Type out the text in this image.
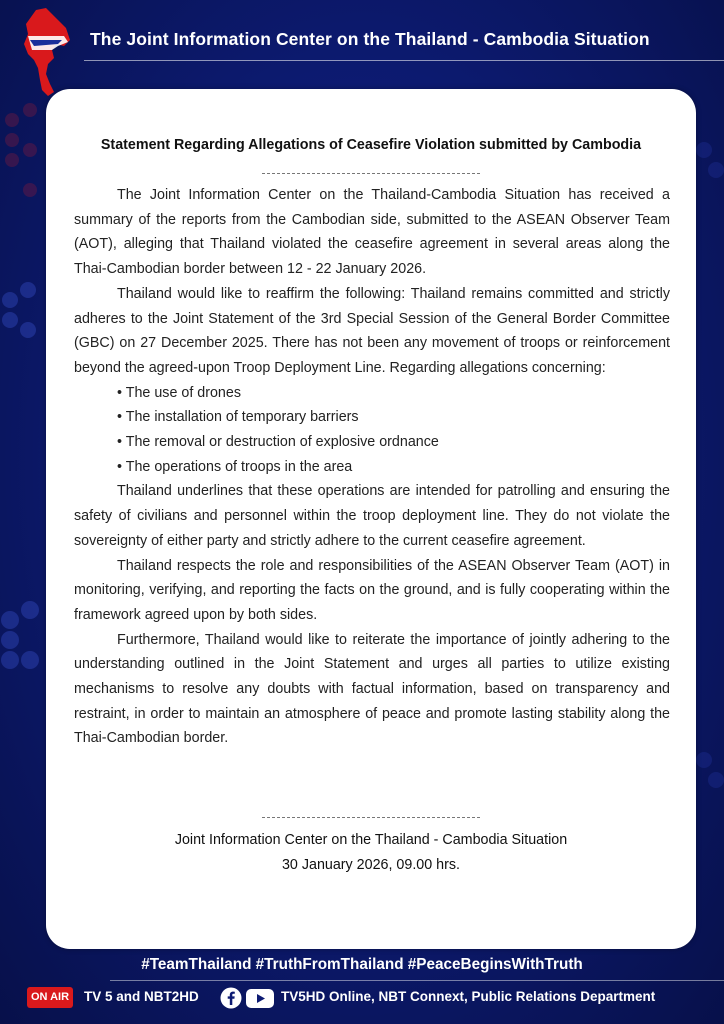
The Joint Information Center on the Thailand - Cambodia Situation
Statement Regarding Allegations of Ceasefire Violation submitted by Cambodia

The Joint Information Center on the Thailand-Cambodia Situation has received a summary of the reports from the Cambodian side, submitted to the ASEAN Observer Team (AOT), alleging that Thailand violated the ceasefire agreement in several areas along the Thai-Cambodian border between 12 - 22 January 2026.

Thailand would like to reaffirm the following: Thailand remains committed and strictly adheres to the Joint Statement of the 3rd Special Session of the General Border Committee (GBC) on 27 December 2025. There has not been any movement of troops or reinforcement beyond the agreed-upon Troop Deployment Line. Regarding allegations concerning:

• The use of drones
• The installation of temporary barriers
• The removal or destruction of explosive ordnance
• The operations of troops in the area

Thailand underlines that these operations are intended for patrolling and ensuring the safety of civilians and personnel within the troop deployment line. They do not violate the sovereignty of either party and strictly adhere to the current ceasefire agreement.

Thailand respects the role and responsibilities of the ASEAN Observer Team (AOT) in monitoring, verifying, and reporting the facts on the ground, and is fully cooperating within the framework agreed upon by both sides.

Furthermore, Thailand would like to reiterate the importance of jointly adhering to the understanding outlined in the Joint Statement and urges all parties to utilize existing mechanisms to resolve any doubts with factual information, based on transparency and restraint, in order to maintain an atmosphere of peace and promote lasting stability along the Thai-Cambodian border.

Joint Information Center on the Thailand - Cambodia Situation
30 January 2026, 09.00 hrs.
#TeamThailand #TruthFromThailand #PeaceBeginsWithTruth
ON AIR TV 5 and NBT2HD	TV5HD Online, NBT Connext, Public Relations Department
